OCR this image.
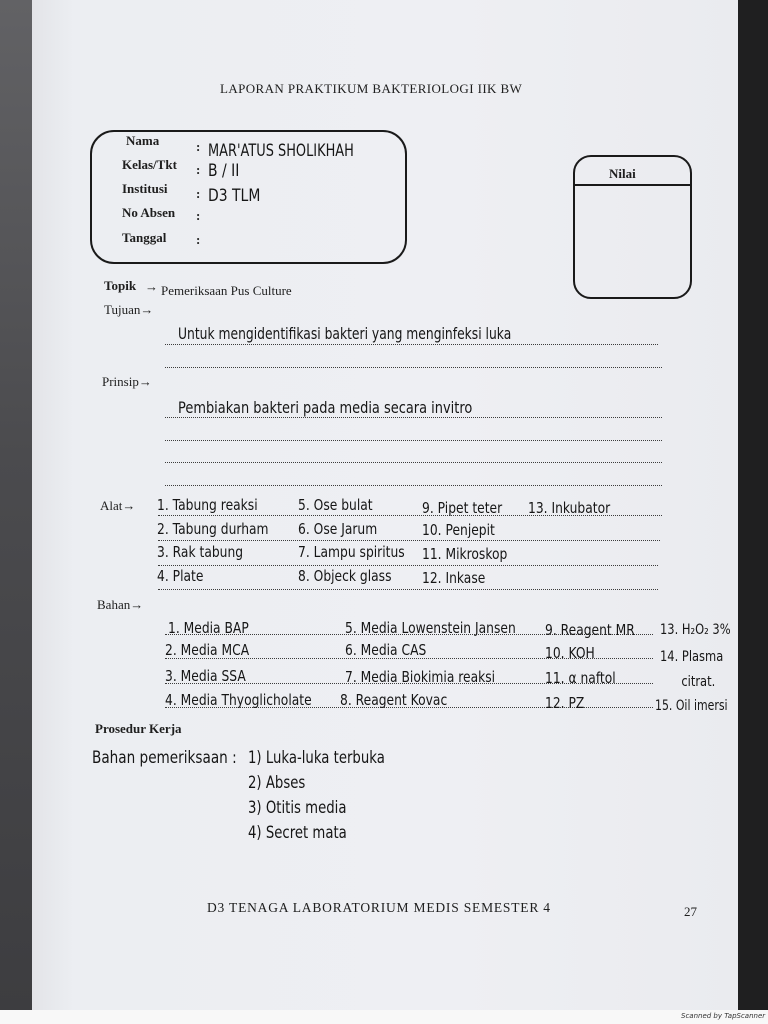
LAPORAN PRAKTIKUM BAKTERIOLOGI IIK BW
Nama
Kelas/Tkt
Institusi
No Absen
Tanggal
:
:
:
:
:
MAR'ATUS SHOLIKHAH
B / II
D3 TLM
Nilai
Topik → Pemeriksaan Pus Culture
Tujuan→
Untuk mengidentifikasi bakteri yang menginfeksi luka
Prinsip→
Pembiakan bakteri pada media secara invitro
Alat→ 1. Tabung reaksi
2. Tabung durham
3. Rak tabung
4. Plate
5. Ose bulat
6. Ose Jarum
7. Lampu spiritus
8. Objeck glass
9. Pipet teter
10. Penjepit
11. Mikroskop
12. Inkase
13. Inkubator
Bahan→
1. Media BAP
2. Media MCA
3. Media SSA
4. Media Thyoglicholate
5. Media Lowenstein Jansen
6. Media CAS
7. Media Biokimia reaksi
8. Reagent Kovac
9. Reagent MR
10. KOH
11. α naftol
12. PZ
13. H₂O₂ 3%
14. Plasma
citrat.
15. Oil imersi
Prosedur Kerja
Bahan pemeriksaan : 1) Luka-luka terbuka
2) Abses
3) Otitis media
4) Secret mata
D3 TENAGA LABORATORIUM MEDIS SEMESTER 4	27
Scanned by TapScanner
